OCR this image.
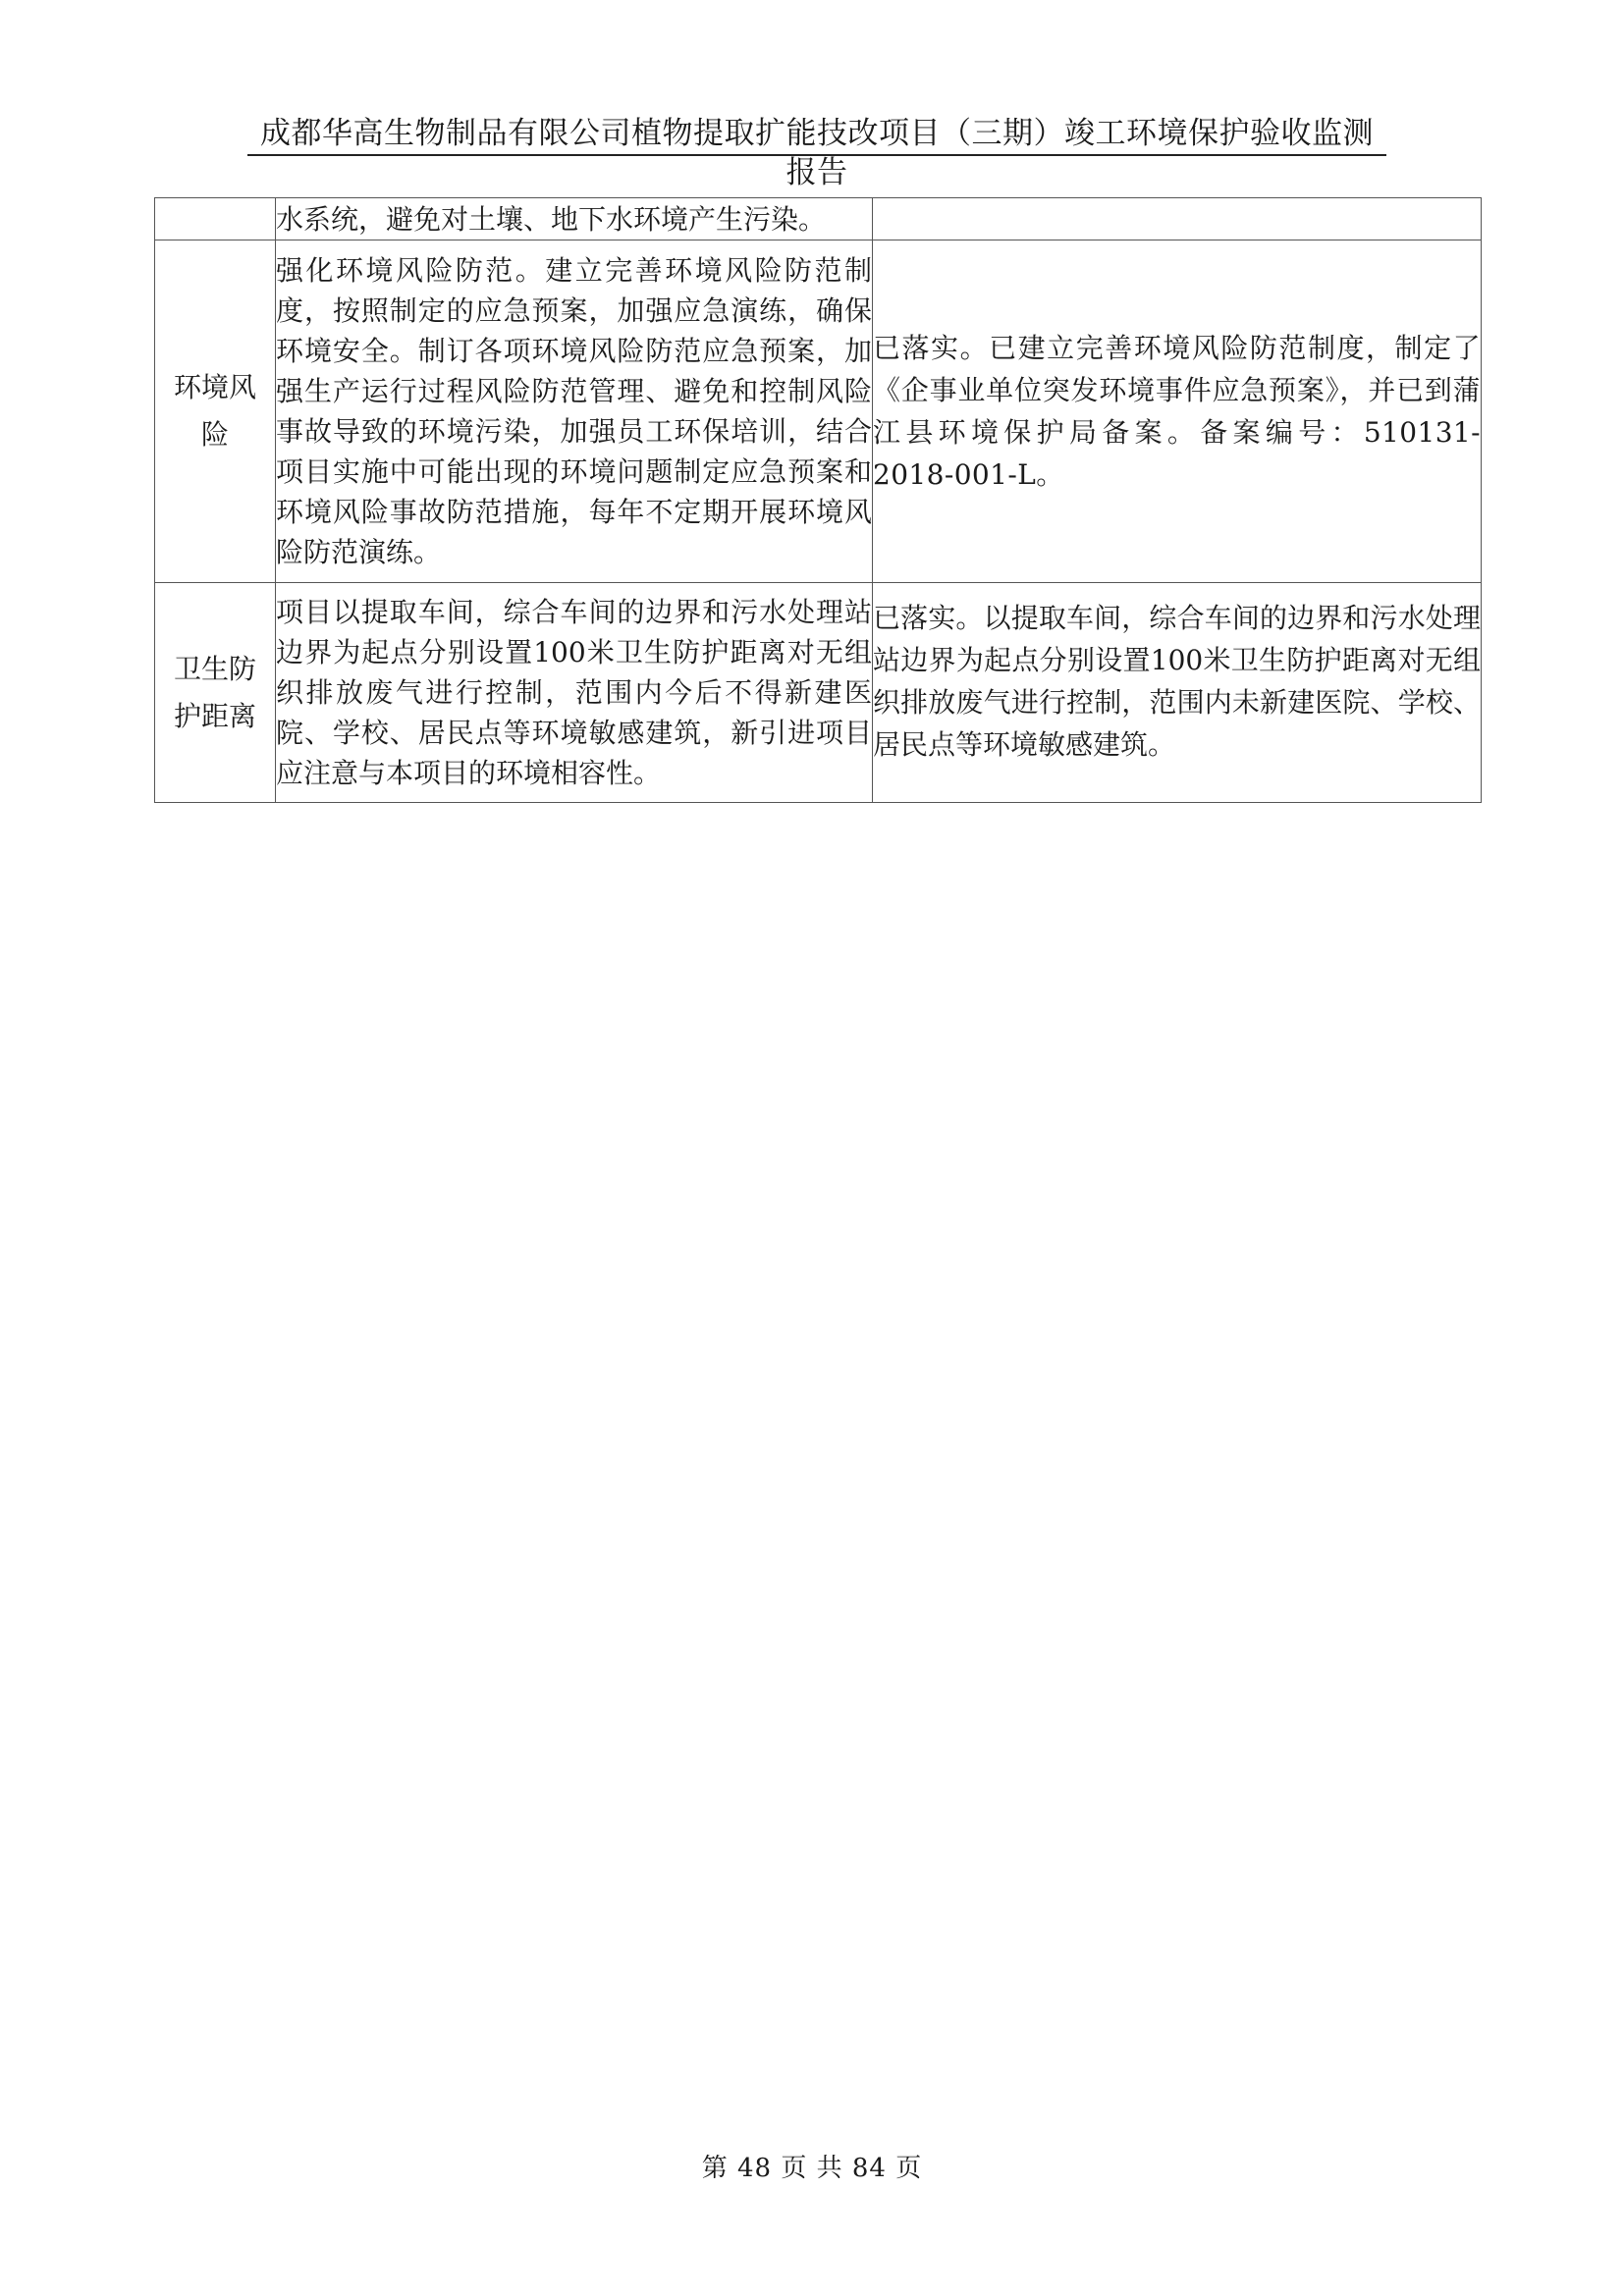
成都华高生物制品有限公司植物提取扩能技改项目（三期）竣工环境保护验收监测报告
	水系统，避免对土壤、地下水环境产生污染。	

环境风险	强化环境风险防范。建立完善环境风险防范制度，按照制定的应急预案，加强应急演练，确保环境安全。制订各项环境风险防范应急预案，加强生产运行过程风险防范管理、避免和控制风险事故导致的环境污染，加强员工环保培训，结合项目实施中可能出现的环境问题制定应急预案和环境风险事故防范措施，每年不定期开展环境风险防范演练。	已落实。已建立完善环境风险防范制度，制定了《企事业单位突发环境事件应急预案》，并已到蒲江县环境保护局备案。备案编号：510131-2018-001-L。

卫生防护距离	项目以提取车间，综合车间的边界和污水处理站边界为起点分别设置100米卫生防护距离对无组织排放废气进行控制，范围内今后不得新建医院、学校、居民点等环境敏感建筑，新引进项目应注意与本项目的环境相容性。	已落实。以提取车间，综合车间的边界和污水处理站边界为起点分别设置100米卫生防护距离对无组织排放废气进行控制，范围内未新建医院、学校、居民点等环境敏感建筑。
第 48 页 共 84 页
